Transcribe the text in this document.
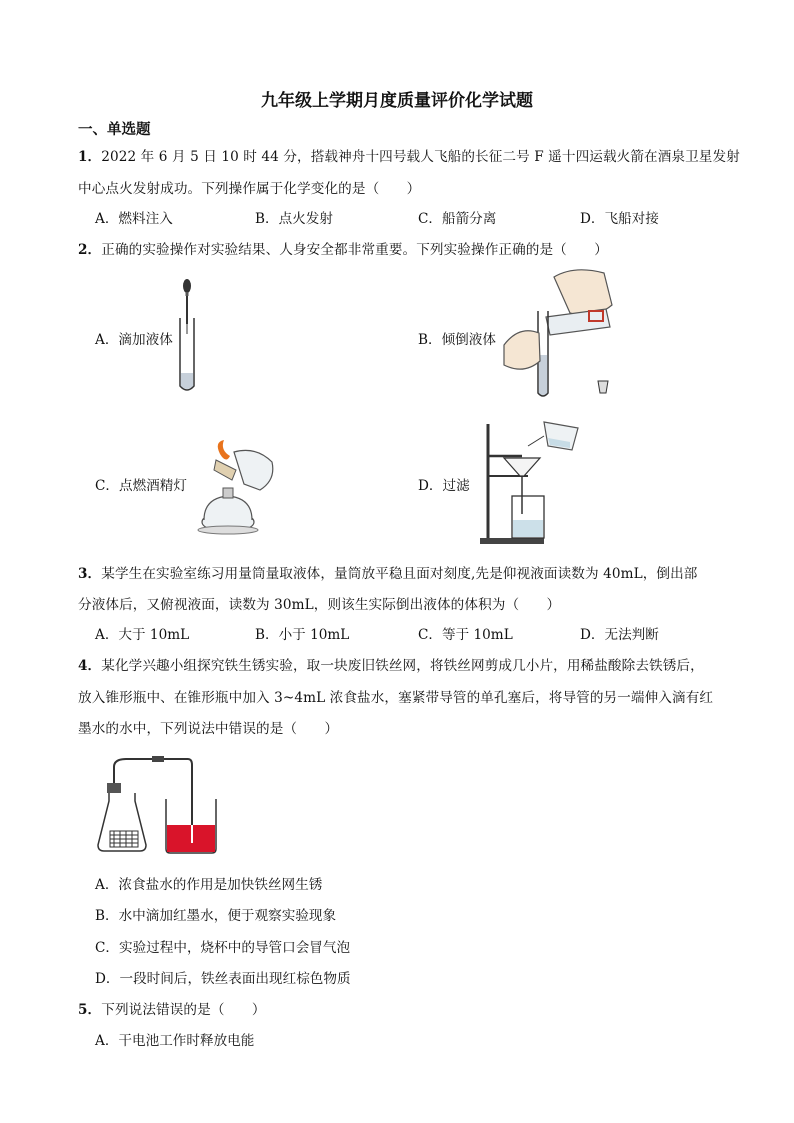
九年级上学期月度质量评价化学试题
一、单选题
1．2022 年 6 月 5 日 10 时 44 分，搭载神舟十四号载人飞船的长征二号 F 遥十四运载火箭在酒泉卫星发射
中心点火发射成功。下列操作属于化学变化的是（　　）
A．燃料注入	B．点火发射	C．船箭分离	D．飞船对接
2．正确的实验操作对实验结果、人身安全都非常重要。下列实验操作正确的是（　　）
A．滴加液体	B．倾倒液体
C．点燃酒精灯	D．过滤
3．某学生在实验室练习用量筒量取液体，量筒放平稳且面对刻度,先是仰视液面读数为 40mL，倒出部
分液体后，又俯视液面，读数为 30mL，则该生实际倒出液体的体积为（　　）
A．大于 10mL	B．小于 10mL	C．等于 10mL	D．无法判断
4．某化学兴趣小组探究铁生锈实验，取一块废旧铁丝网，将铁丝网剪成几小片，用稀盐酸除去铁锈后，
放入锥形瓶中、在锥形瓶中加入 3~4mL 浓食盐水，塞紧带导管的单孔塞后，将导管的另一端伸入滴有红
墨水的水中，下列说法中错误的是（　　）
A．浓食盐水的作用是加快铁丝网生锈
B．水中滴加红墨水，便于观察实验现象
C．实验过程中，烧杯中的导管口会冒气泡
D．一段时间后，铁丝表面出现红棕色物质
5．下列说法错误的是（　　）
A．干电池工作时释放电能
